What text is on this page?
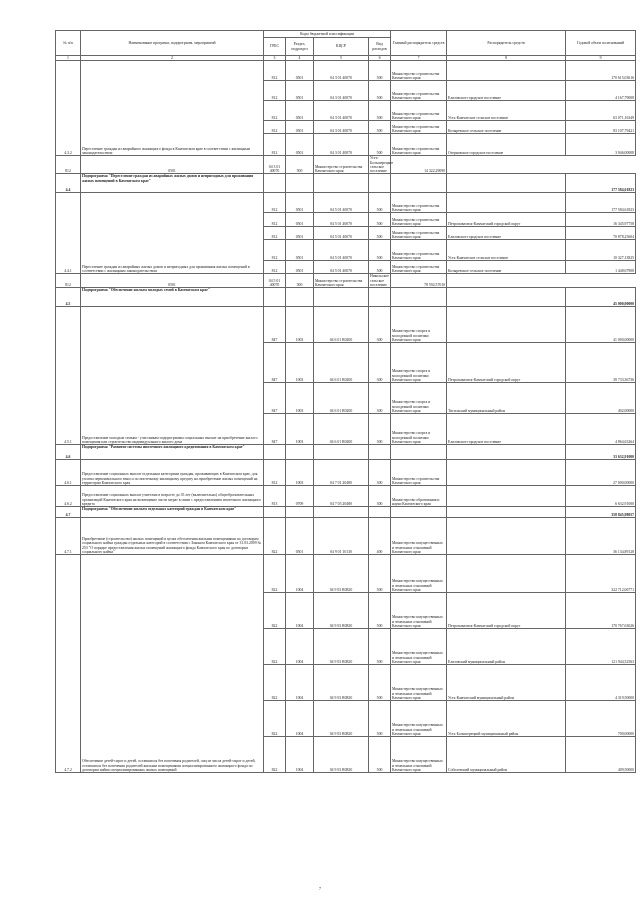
№ п/п	Наименование программ, подпрограмм, мероприятий	Коды бюджетной классификации				Главный распорядитель средств	Распорядитель средств	Годовой объем ассигнований
		ГРБС	Раздел, подраздел	КЦСР	Вид расходов			
1	2	3	4	5	6	7	8	9
4.3.2	Переселение граждан из аварийного жилищного фонда в Камчатском крае в соответствии с жилищным законодательством	812	0501	04 3 01 40070	500	Министерство строительства Камчатского края		170 615,03616
		812	0501	04 3 01 40070	500	Министерство строительства Камчатского края	Елизовское городское поселение	4 167,79008
		812	0501	04 3 01 40070	500	Министерство строительства Камчатского края	Усть-Камчатское сельское поселение	63 071,16349
		812	0501	04 3 01 40070	500	Министерство строительства Камчатского края	Козыревское сельское поселение	83 107,79421
		812	0501	04 3 01 40070	500	Министерство строительства Камчатского края	Озерновское городское поселение	3 946,00008
812	0501	04 3 01 40070	500	Министерство строительства Камчатского края	Усть-Большерецкое сельское поселение	14 322,29090		
4.4	Подпрограмма "Переселение граждан из аварийных жилых домов и непригодных для проживания жилых помещений в Камчатском крае"							177 584,61823
4.4.1	Переселение граждан из аварийных жилых домов и непригодных для проживания жилых помещений в соответствии с жилищным законодательством	812	0501	04 5 01 40070	500	Министерство строительства Камчатского края		177 584,61823
		812	0501	04 5 01 40070	500	Министерство строительства Камчатского края	Петропавловск-Камчатский городской округ	16 345,97758
		812	0501	04 5 01 40070	500	Министерство строительства Камчатского края	Елизовское городское поселение	70 878,25604
		812	0501	04 5 01 40070	500	Министерство строительства Камчатского края	Усть-Камчатское сельское поселение	10 327,13825
		812	0501	04 5 01 40070	500	Министерство строительства Камчатского края	Козыревское сельское поселение	1 448,67908
812	0501	04 5 01 40070	500	Министерство строительства Камчатского края	Никольское сельское поселение	78 592,57010		
4.5	Подпрограмма "Обеспечение жильем молодых семей в Камчатском крае"							45 000,00000
4.5.1	Предоставление молодым семьям - участникам подпрограммы социальных выплат на приобретение жилого помещения или строительство индивидуального жилого дома	847	1003	04 6 01 R0200	300	Министерство спорта и молодежной политики Камчатского края		41 000,00000
		847	1003	04 6 01 R0200	300	Министерство спорта и молодежной политики Камчатского края	Петропавловск-Камчатский городской округ	39 733,36736
		847	1003	04 6 01 R0200	300	Министерство спорта и молодежной политики Камчатского края	Тигильский муниципальный район	402,00000
		847	1003	04 6 01 R0200	300	Министерство спорта и молодежной политики Камчатского края	Елизовское городское поселение	4 864,63264
4.6	Подпрограмма "Развитие системы ипотечного жилищного кредитования в Камчатском крае"							33 632,91000
4.6.1	Предоставление социальных выплат отдельным категориям граждан, проживающих в Камчатском крае, для уплаты первоначального взноса по ипотечному жилищному кредиту на приобретение жилых помещений на территории Камчатского края	812	1003	04 7 01 20480	300	Министерство строительства Камчатского края		27 000,00000
4.6.2	Предоставление социальных выплат учителям в возрасте до 35 лет (включительно) общеобразовательных организаций Камчатского края на возмещение части затрат в связи с предоставлением ипотечного жилищного кредита	813	0709	04 7 03 20480	300	Министерство образования и науки Камчатского края		6 632,91000
4.7	Подпрограмма "Обеспечение жильем отдельных категорий граждан в Камчатском крае"							358 845,98057
4.7.1	Приобретение (строительство) жилых помещений в целях обеспечения жилыми помещениями по договорам социального найма граждан отдельных категорий в соответствии с Законом Камчатского края от 31.03.2009 № 253 "О порядке предоставления жилых помещений жилищного фонда Камчатского края по договорам социального найма"	822	0501	04 9 01 10130	400	Министерство имущественных и земельных отношений Камчатского края		36 134,89128
4.7.2	Обеспечение детей-сирот и детей, оставшихся без попечения родителей, лиц из числа детей-сирот и детей, оставшихся без попечения родителей жилыми помещениями специализированного жилищного фонда по договорам найма специализированных жилых помещений	822	1004	04 9 03 R0820	500	Министерство имущественных и земельных отношений Камчатского края		322 712,06771
		822	1004	04 9 03 R0820	500	Министерство имущественных и земельных отношений Камчатского края	Петропавловск-Камчатский городской округ	170 767,63026
		822	1004	04 9 03 R0820	500	Министерство имущественных и земельных отношений Камчатского края	Елизовский муниципальный район	121 944,52563
		822	1004	04 9 03 R0820	500	Министерство имущественных и земельных отношений Камчатского края	Усть-Камчатский муниципальный район	4 319,50000
		822	1004	04 9 03 R0820	500	Министерство имущественных и земельных отношений Камчатского края	Усть-Большерецкий муниципальный район	700,00000
		822	1004	04 9 03 R0820	500	Министерство имущественных и земельных отношений Камчатского края	Соболевский муниципальный район	409,50000
7
